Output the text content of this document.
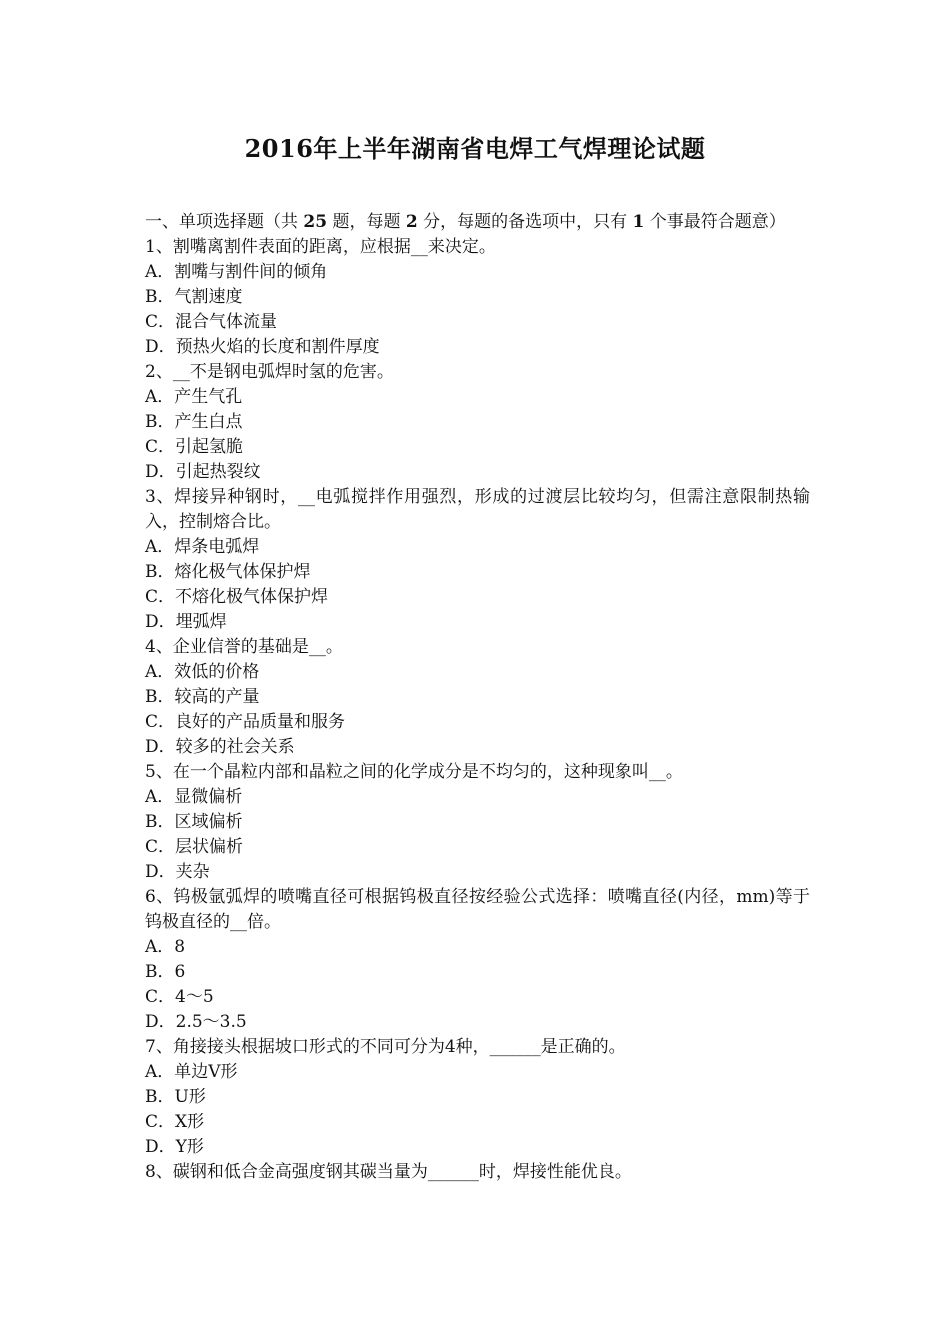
2016年上半年湖南省电焊工气焊理论试题
一、单项选择题（共 25 题，每题 2 分，每题的备选项中，只有 1 个事最符合题意）
1、割嘴离割件表面的距离，应根据__来决定。
A．割嘴与割件间的倾角
B．气割速度
C．混合气体流量
D．预热火焰的长度和割件厚度
2、__不是钢电弧焊时氢的危害。
A．产生气孔
B．产生白点
C．引起氢脆
D．引起热裂纹
3、焊接异种钢时，__电弧搅拌作用强烈，形成的过渡层比较均匀，但需注意限制热输入，控制熔合比。
A．焊条电弧焊
B．熔化极气体保护焊
C．不熔化极气体保护焊
D．埋弧焊
4、企业信誉的基础是__。
A．效低的价格
B．较高的产量
C．良好的产品质量和服务
D．较多的社会关系
5、在一个晶粒内部和晶粒之间的化学成分是不均匀的，这种现象叫__。
A．显微偏析
B．区域偏析
C．层状偏析
D．夹杂
6、钨极氩弧焊的喷嘴直径可根据钨极直径按经验公式选择：喷嘴直径(内径，mm)等于钨极直径的__倍。
A．8
B．6
C．4～5
D．2.5～3.5
7、角接接头根据坡口形式的不同可分为4种，______是正确的。
A．单边V形
B．U形
C．X形
D．Y形
8、碳钢和低合金高强度钢其碳当量为______时，焊接性能优良。
